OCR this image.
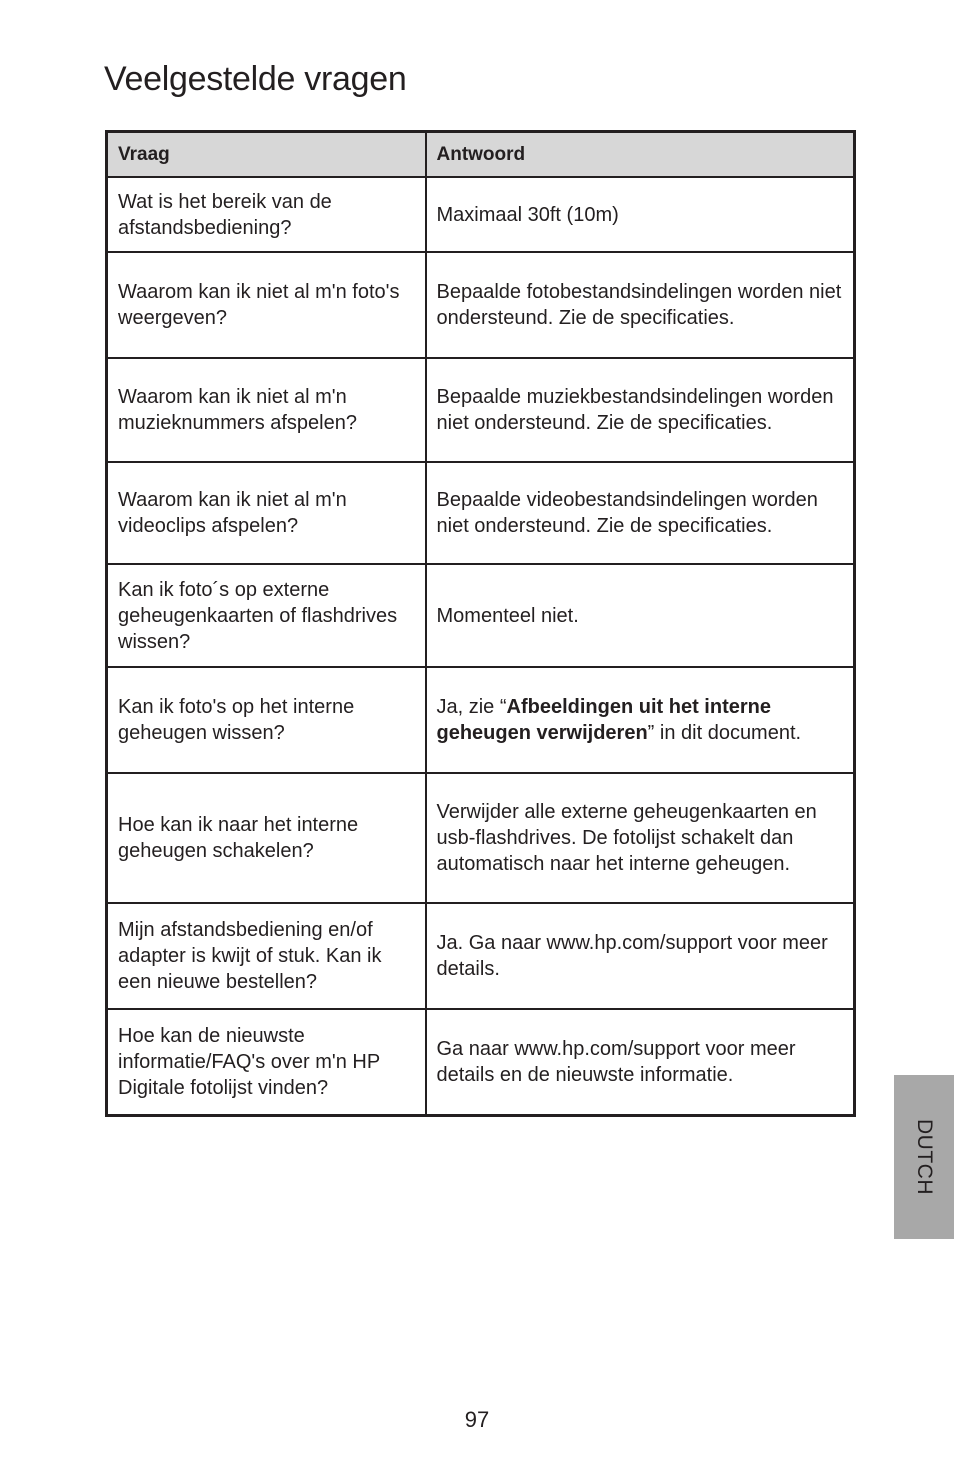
Veelgestelde vragen
Vraag	Antwoord
Wat is het bereik van de afstandsbediening?	Maximaal 30ft (10m)
Waarom kan ik niet al m'n foto's weergeven?	Bepaalde fotobestandsindelingen worden niet ondersteund. Zie de specificaties.
Waarom kan ik niet al m'n muzieknummers afspelen?	Bepaalde muziekbestandsindelingen worden niet ondersteund. Zie de specificaties.
Waarom kan ik niet al m'n videoclips afspelen?	Bepaalde videobestandsindelingen worden niet ondersteund. Zie de specificaties.
Kan ik foto´s op externe geheugenkaarten of flashdrives wissen?	Momenteel niet.
Kan ik foto's op het interne geheugen wissen?	Ja, zie “Afbeeldingen uit het interne geheugen verwijderen” in dit document.
Hoe kan ik naar het interne geheugen schakelen?	Verwijder alle externe geheugenkaarten en usb-flashdrives. De fotolijst schakelt dan automatisch naar het interne geheugen.
Mijn afstandsbediening en/of adapter is kwijt of stuk. Kan ik een nieuwe bestellen?	Ja. Ga naar www.hp.com/support voor meer details.
Hoe kan de nieuwste informatie/FAQ's over m'n HP Digitale fotolijst vinden?	Ga naar www.hp.com/support voor meer details en de nieuwste informatie.
DUTCH
97
